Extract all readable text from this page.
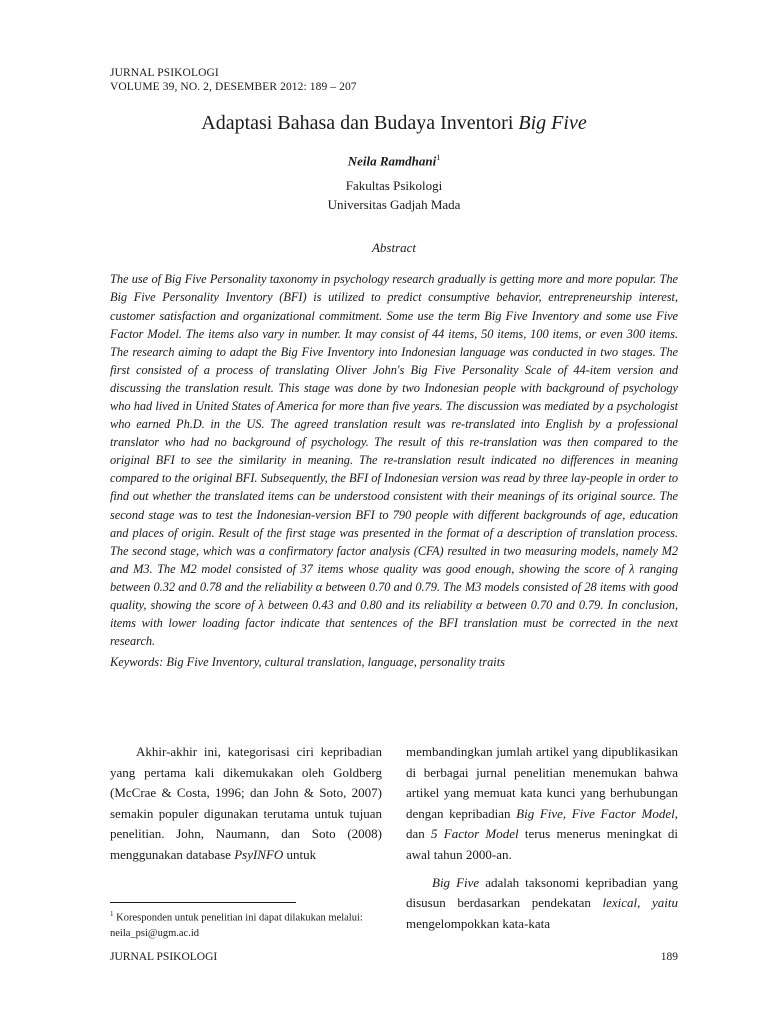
JURNAL PSIKOLOGI
VOLUME 39, NO. 2, DESEMBER 2012: 189 – 207
Adaptasi Bahasa dan Budaya Inventori Big Five
Neila Ramdhani$^1$
Fakultas Psikologi
Universitas Gadjah Mada
Abstract
The use of Big Five Personality taxonomy in psychology research gradually is getting more and more popular. The Big Five Personality Inventory (BFI) is utilized to predict consumptive behavior, entrepreneurship interest, customer satisfaction and organizational commitment. Some use the term Big Five Inventory and some use Five Factor Model. The items also vary in number. It may consist of 44 items, 50 items, 100 items, or even 300 items. The research aiming to adapt the Big Five Inventory into Indonesian language was conducted in two stages. The first consisted of a process of translating Oliver John's Big Five Personality Scale of 44-item version and discussing the translation result. This stage was done by two Indonesian people with background of psychology who had lived in United States of America for more than five years. The discussion was mediated by a psychologist who earned Ph.D. in the US. The agreed translation result was re-translated into English by a professional translator who had no background of psychology. The result of this re-translation was then compared to the original BFI to see the similarity in meaning. The re-translation result indicated no differences in meaning compared to the original BFI. Subsequently, the BFI of Indonesian version was read by three lay-people in order to find out whether the translated items can be understood consistent with their meanings of its original source. The second stage was to test the Indonesian-version BFI to 790 people with different backgrounds of age, education and places of origin. Result of the first stage was presented in the format of a description of translation process. The second stage, which was a confirmatory factor analysis (CFA) resulted in two measuring models, namely M2 and M3. The M2 model consisted of 37 items whose quality was good enough, showing the score of λ ranging between 0.32 and 0.78 and the reliability α between 0.70 and 0.79. The M3 models consisted of 28 items with good quality, showing the score of λ between 0.43 and 0.80 and its reliability α between 0.70 and 0.79. In conclusion, items with lower loading factor indicate that sentences of the BFI translation must be corrected in the next research.
Keywords: Big Five Inventory, cultural translation, language, personality traits

Akhir-akhir ini, kategorisasi ciri kepribadian yang pertama kali dikemukakan oleh Goldberg (McCrae & Costa, 1996; dan John & Soto, 2007) semakin populer digunakan terutama untuk tujuan penelitian. John, Naumann, dan Soto (2008) menggunakan database PsyINFO untuk

membandingkan jumlah artikel yang dipublikasikan di berbagai jurnal penelitian menemukan bahwa artikel yang memuat kata kunci yang berhubungan dengan kepribadian Big Five, Five Factor Model, dan 5 Factor Model terus menerus meningkat di awal tahun 2000-an.

Big Five adalah taksonomi kepribadian yang disusun berdasarkan pendekatan lexical, yaitu mengelompokkan kata-kata

$^1$ Koresponden untuk penelitian ini dapat dilakukan melalui: neila_psi@ugm.ac.id
JURNAL PSIKOLOGI	189
